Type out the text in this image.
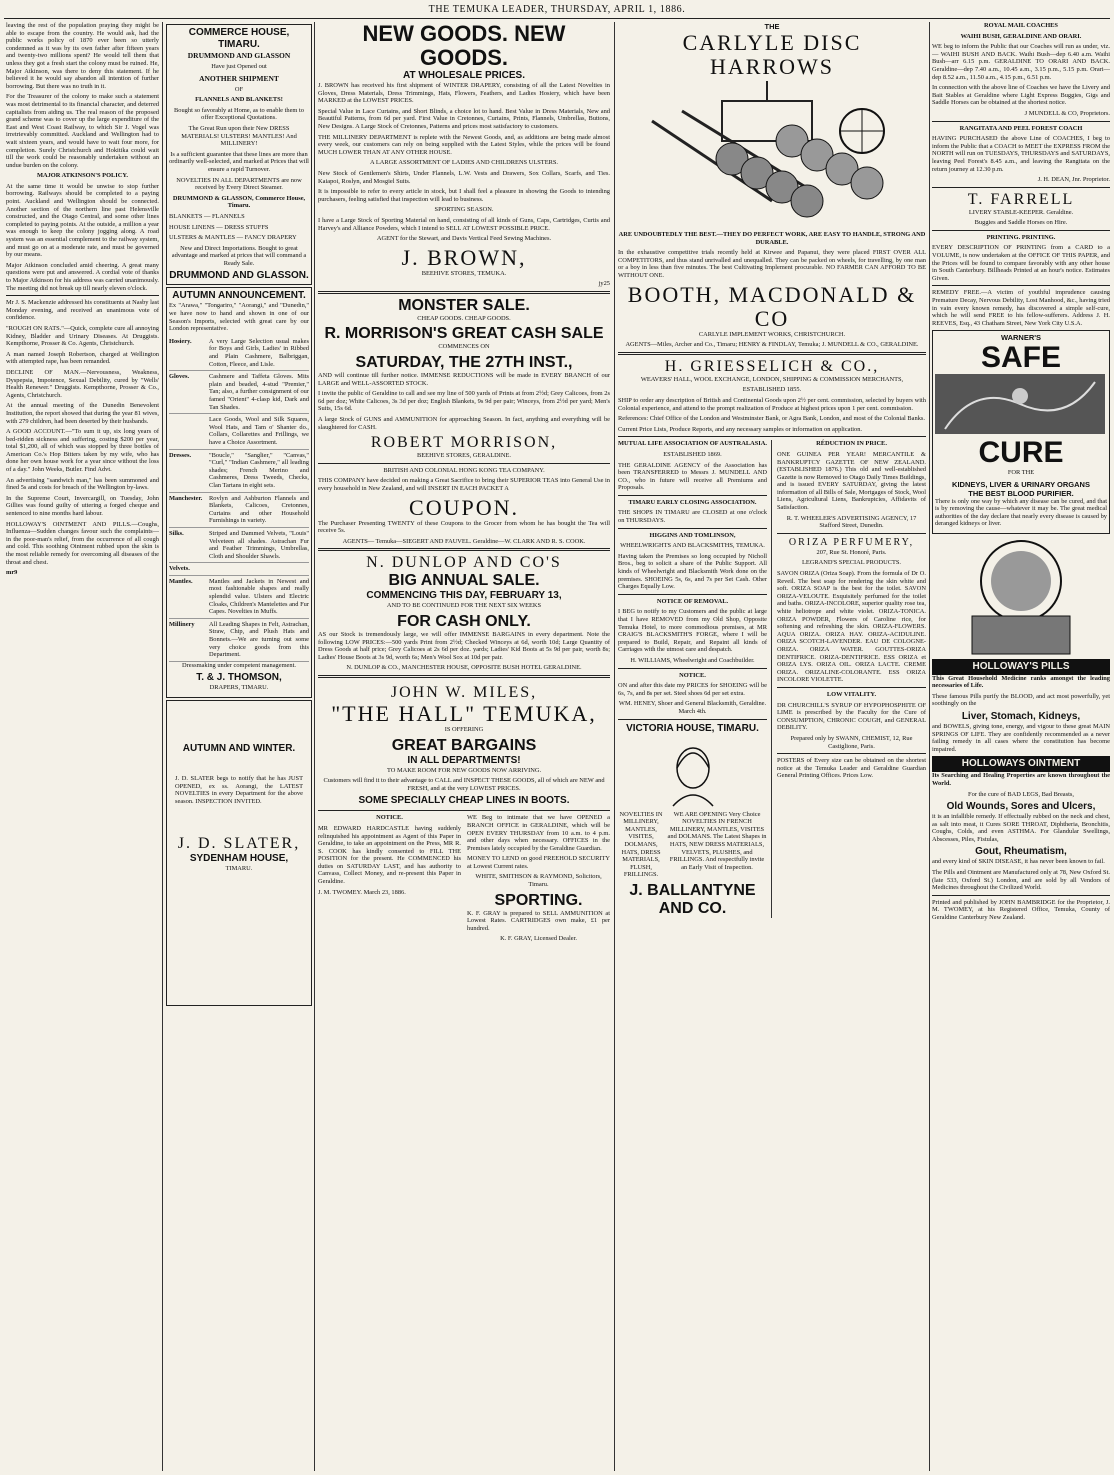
THE TEMUKA LEADER, THURSDAY, APRIL 1, 1886.

leaving the rest of the population praying they might be able to escape from the country. He would ask, had the public works policy of 1870 ever been so utterly condemned as it was by its own father after fifteen years and twenty-two millions spent? He would tell them that unless they got a fresh start the colony must be ruined. He, Major Atkinson, was there to deny this statement. If he believed it he would say abandon all intention of further borrowing. But there was no truth in it.

For the Treasurer of the colony to make such a statement was most detrimental to its financial character, and deterred capitalists from aiding us. The real reason of the proposed grand scheme was to cover up the large expenditure of the East and West Coast Railway, to which Sir J. Vogel was irretrievably committed. Auckland and Wellington had to wait sixteen years, and would have to wait four more, for completion. Surely Christchurch and Hokitika could wait till the work could be reasonably undertaken without an undue burden on the colony.

MAJOR ATKINSON'S POLICY.

At the same time it would be unwise to stop further borrowing. Railways should be completed to a paying point. Auckland and Wellington should be connected. Another section of the northern line past Helensville constructed, and the Otago Central, and some other lines completed to paying points. At the outside, a million a year was enough to keep the colony jogging along. A road system was an essential complement to the railway system, and must go on at a moderate rate, and must be governed by our means.

Major Atkinson concluded amid cheering. A great many questions were put and answered. A cordial vote of thanks to Major Atkinson for his address was carried unanimously. The meeting did not break up till nearly eleven o'clock.

Mr J. S. Mackenzie addressed his constituents at Nasby last Monday evening, and received an unanimous vote of confidence.

"ROUGH ON RATS."—Quick, complete cure all annoying Kidney, Bladder and Urinary Diseases. At Druggists. Kempthorne, Prosser & Co. Agents, Christchurch.

A man named Joseph Robertson, charged at Wellington with attempted rape, has been remanded.

DECLINE OF MAN.—Nervousness, Weakness, Dyspepsia, Impotence, Sexual Debility, cured by "Wells' Health Renewer." Druggists. Kempthorne, Prosser & Co., Agents, Christchurch.

At the annual meeting of the Dunedin Benevolent Institution, the report showed that during the year 81 wives, with 279 children, had been deserted by their husbands.

A GOOD ACCOUNT.—"To sum it up, six long years of bed-ridden sickness and suffering, costing $200 per year, total $1,200, all of which was stopped by three bottles of American Co.'s Hop Bitters taken by my wife, who has done her own house work for a year since without the loss of a day." John Weeks, Butler. Find Advt.

An advertising "sandwich man," has been summoned and fined 5s and costs for breach of the Wellington by-laws.

In the Supreme Court, Invercargill, on Tuesday, John Gillies was found guilty of uttering a forged cheque and sentenced to nine months hard labour.

HOLLOWAY'S OINTMENT AND PILLS.—Coughs, Influenza—Sudden changes favour such the complaints—in the poor-man's relief, from the occurrence of all cough and cold. This soothing Ointment rubbed upon the skin is the most reliable remedy for overcoming all diseases of the throat and chest.

mr9

COMMERCE HOUSE, TIMARU.

DRUMMOND AND GLASSON

Have just Opened out

ANOTHER SHIPMENT

OF

FLANNELS AND BLANKETS!

Bought so favorably at Home, as to enable them to offer Exceptional Quotations.

The Great Run upon their New DRESS MATERIALS! ULSTERS! MANTLES! And MILLINERY!

Is a sufficient guarantee that these lines are more than ordinarily well-selected, and marked at Prices that will ensure a rapid Turnover.

NOVELTIES IN ALL DEPARTMENTS are now received by Every Direct Steamer.

DRUMMOND & GLASSON, Commerce House, Timaru.

BLANKETS — FLANNELS

HOUSE LINENS — DRESS STUFFS

ULSTERS & MANTLES — FANCY DRAPERY

New and Direct Importations. Bought to great advantage and marked at prices that will command a Ready Sale.

DRUMMOND AND GLASSON.
AUTUMN ANNOUNCEMENT.

Ex "Arawa," "Tongariro," "Aorangi," and "Dunedin," we have now to hand and shown in one of our Season's Imports, selected with great care by our London representative.

Hosiery.	A very Large Selection usual makes for Boys and Girls, Ladies' in Ribbed and Plain Cashmere, Balbriggan, Cotton, Fleece, and Lisle.
Gloves.	Cashmere and Taffeta Gloves. Mits plain and beaded, 4-stud "Premier," Tan; also, a further consignment of our famed "Orient" 4-clasp kid, Dark and Tan Shades.
Lace Goods, Wool and Silk Squares, Wool Hats, and Tam o' Shanter do., Collars, Collarettes and Frillings, we have a Choice Assortment.
Dresses.	"Boucle," "Sanglier," "Canvas," "Curl," "Indian Cashmere," all leading shades; French Merino and Cashmeres, Dress Tweeds, Checks, Clan Tartans in eight sets.
Manchester.	Rovlyn and Ashburton Flannels and Blankets, Calicoes, Cretonnes, Curtains and other Household Furnishings in variety.
Silks.	Striped and Dammed Velvets, "Louis" Velveteen all shades. Astrachan Fur and Feather Trimmings, Umbrellas, Cloth and Shoulder Shawls.
Velvets.
Mantles.	Mantles and Jackets in Newest and most fashionable shapes and really splendid value. Ulsters and Electric Cloaks, Children's Mantelettes and Fur Capes. Novelties in Muffs.
Millinery	All Leading Shapes in Felt, Astrachan, Straw, Chip, and Plush Hats and Bonnets.—We are turning out some very choice goods from this Department.

Dressmaking under competent management.

T. & J. THOMSON,

DRAPERS, TIMARU.

AUTUMN AND WINTER.

J. D. SLATER begs to notify that he has JUST OPENED, ex ss. Aorangi, the LATEST NOVELTIES in every Department for the above season. INSPECTION INVITED.

J. D. SLATER,
SYDENHAM HOUSE,

TIMARU.

NEW GOODS. NEW GOODS.
AT WHOLESALE PRICES.

J. BROWN has received his first shipment of WINTER DRAPERY, consisting of all the Latest Novelties in Gloves, Dress Materials, Dress Trimmings, Hats, Flowers, Feathers, and Ladies Hosiery, which have been MARKED at the LOWEST PRICES.

Special Value in Lace Curtains, and Short Blinds, a choice lot to hand. Best Value in Dress Materials, New and Beautiful Patterns, from 6d per yard. First Value in Cretonnes, Curtains, Prints, Flannels, Umbrellas, Buttons, New Designs. A Large Stock of Cretonnes, Patterns and prices most satisfactory to customers.

THE MILLINERY DEPARTMENT is replete with the Newest Goods, and, as additions are being made almost every week, our customers can rely on being supplied with the Latest Styles, while the prices will be found MUCH LOWER THAN AT ANY OTHER HOUSE.

A LARGE ASSORTMENT OF LADIES AND CHILDRENS ULSTERS.

New Stock of Gentlemen's Shirts, Under Flannels, L.W. Vests and Drawers, Sox Collars, Scarfs, and Ties. Kaiapoi, Roslyn, and Mosgiel Suits.

It is impossible to refer to every article in stock, but I shall feel a pleasure in showing the Goods to intending purchasers, feeling satisfied that inspection will lead to business.

SPORTING SEASON.

I have a Large Stock of Sporting Material on hand, consisting of all kinds of Guns, Caps, Cartridges, Curtis and Harvey's and Alliance Powders, which I intend to SELL AT LOWEST POSSIBLE PRICE.

AGENT for the Stewart, and Davis Vertical Feed Sewing Machines.

J. BROWN,

BEEHIVE STORES, TEMUKA.

jy25

MONSTER SALE.

CHEAP GOODS. CHEAP GOODS.

R. MORRISON'S GREAT CASH SALE

COMMENCES ON

SATURDAY, THE 27TH INST.,

AND will continue till further notice. IMMENSE REDUCTIONS will be made in EVERY BRANCH of our LARGE and WELL-ASSORTED STOCK.

I invite the public of Geraldine to call and see my line of 500 yards of Prints at from 2½d; Grey Calicoes, from 2s 6d per doz; White Calicoes, 3s 3d per doz; English Blankets, 9s 9d per pair; Winceys, from 2½d per yard; Men's Suits, 15s 6d.

A large Stock of GUNS and AMMUNITION for approaching Season. In fact, anything and everything will be slaughtered for CASH.

ROBERT MORRISON,

BEEHIVE STORES, GERALDINE.

BRITISH AND COLONIAL HONG KONG TEA COMPANY.

THIS COMPANY have decided on making a Great Sacrifice to bring their SUPERIOR TEAS into General Use in every household in New Zealand, and will INSERT IN EACH PACKET A

COUPON.

The Purchaser Presenting TWENTY of these Coupons to the Grocer from whom he has bought the Tea will receive 5s.

AGENTS— Temuka—SIEGERT AND FAUVEL. Geraldine—W. CLARK AND R. S. COOK.

N. DUNLOP AND CO'S
BIG ANNUAL SALE.
COMMENCING THIS DAY, FEBRUARY 13,

AND TO BE CONTINUED FOR THE NEXT SIX WEEKS

FOR CASH ONLY.

AS our Stock is tremendously large, we will offer IMMENSE BARGAINS in every department. Note the following LOW PRICES:—500 yards Print from 2½d; Checked Winceys at 6d, worth 10d; Large Quantity of Dress Goods at half price; Grey Calicoes at 2s 6d per doz. yards; Ladies' Kid Boots at 5s 9d per pair, worth 8s; Ladies' House Boots at 3s 9d, worth 6s; Men's Wool Sox at 10d per pair.

N. DUNLOP & CO., MANCHESTER HOUSE, OPPOSITE BUSH HOTEL GERALDINE.

JOHN W. MILES,
"THE HALL" TEMUKA,

IS OFFERING

GREAT BARGAINS
IN ALL DEPARTMENTS!

TO MAKE ROOM FOR NEW GOODS NOW ARRIVING.

Customers will find it to their advantage to CALL and INSPECT THESE GOODS, all of which are NEW and FRESH, and at the very LOWEST PRICES.

SOME SPECIALLY CHEAP LINES IN BOOTS.

NOTICE.

MR EDWARD HARDCASTLE having suddenly relinquished his appointment as Agent of this Paper in Geraldine, to take an appointment on the Press, MR R. S. COOK has kindly consented to FILL THE POSITION for the present. He COMMENCED his duties on SATURDAY LAST, and has authority to Canvass, Collect Money, and re-present this Paper in Geraldine.

J. M. TWOMEY. March 23, 1886.

WE Beg to intimate that we have OPENED a BRANCH OFFICE in GERALDINE, which will be OPEN EVERY THURSDAY from 10 a.m. to 4 p.m. and other days when necessary. OFFICES in the Premises lately occupied by the Geraldine Guardian.

MONEY TO LEND on good FREEHOLD SECURITY at Lowest Current rates.

WHITE, SMITHSON & RAYMOND, Solicitors, Timaru.

SPORTING.

K. F. GRAY is prepared to SELL AMMUNITION at Lowest Rates. CARTRIDGES own make, £1 per hundred.

K. F. GRAY, Licensed Dealer.

THE
CARLYLE DISC HARROWS

ARE UNDOUBTEDLY THE BEST.—THEY DO PERFECT WORK, ARE EASY TO HANDLE, STRONG AND DURABLE.

In the exhaustive competitive trials recently held at Kirwee and Papanui, they were placed FIRST OVER ALL COMPETITORS, and thus stand unrivalled and unequalled. They can be packed on wheels, for travelling, by one man or a boy in less than five minutes. The best Cultivating Implement procurable. NO FARMER CAN AFFORD TO BE WITHOUT ONE.

BOOTH, MACDONALD & CO

CARLYLE IMPLEMENT WORKS, CHRISTCHURCH.

AGENTS—Miles, Archer and Co., Timaru; HENRY & FINDLAY, Temuka; J. MUNDELL & CO., GERALDINE.

H. GRIESSELICH & CO.,

WEAVERS' HALL, WOOL EXCHANGE, LONDON, SHIPPING & COMMISSION MERCHANTS,

ESTABLISHED 1855.

SHIP to order any description of British and Continental Goods upon 2½ per cent. commission, selected by buyers with Colonial experience, and attend to the prompt realization of Produce at highest prices upon 1 per cent. commission.

References: Chief Office of the London and Westminster Bank, or Agra Bank, London, and most of the Colonial Banks.

Current Price Lists, Produce Reports, and any necessary samples or information on application.

MUTUAL LIFE ASSOCIATION OF AUSTRALASIA.

ESTABLISHED 1869.

THE GERALDINE AGENCY of the Association has been TRANSFERRED to Messrs J. MUNDELL AND CO., who in future will receive all Premiums and Proposals.

TIMARU EARLY CLOSING ASSOCIATION.

THE SHOPS IN TIMARU are CLOSED at one o'clock on THURSDAYS.

HIGGINS AND TOMLINSON,

WHEELWRIGHTS AND BLACKSMITHS, TEMUKA.

Having taken the Premises so long occupied by Nicholl Bros., beg to solicit a share of the Public Support. All kinds of Wheelwright and Blacksmith Work done on the premises. SHOEING 5s, 6s, and 7s per Set Cash. Other Charges Equally Low.

NOTICE OF REMOVAL.

I BEG to notify to my Customers and the public at large that I have REMOVED from my Old Shop, Opposite Temuka Hotel, to more commodious premises, at MR CRAIG'S BLACKSMITH'S FORGE, where I will be prepared to Build, Repair, and Repaint all kinds of Carriages with the utmost care and despatch.

H. WILLIAMS, Wheelwright and Coachbuilder.

NOTICE.

ON and after this date my PRICES for SHOEING will be 6s, 7s, and 8s per set. Steel shoes 6d per set extra.

WM. HENEY, Shoer and General Blacksmith, Geraldine. March 4th.

VICTORIA HOUSE, TIMARU.

NOVELTIES IN MILLINERY, MANTLES, VISITES, DOLMANS, HATS, DRESS MATERIALS, FLUSH, FRILLINGS.

WE ARE OPENING Very Choice NOVELTIES IN FRENCH MILLINERY, MANTLES, VISITES and DOLMANS. The Latest Shapes in HATS, NEW DRESS MATERIALS, VELVETS, PLUSHES, and FRILLINGS. And respectfully invite an Early Visit of Inspection.

J. BALLANTYNE AND CO.

RÉDUCTION IN PRICE.

ONE GUINEA PER YEAR! MERCANTILE & BANKRUPTCY GAZETTE OF NEW ZEALAND. (ESTABLISHED 1876.) This old and well-established Gazette is now Removed to Otago Daily Times Buildings, and is issued EVERY SATURDAY, giving the latest information of all Bills of Sale, Mortgages of Stock, Wool Liens, Agricultural Liens, Bankruptcies, Affidavits of Satisfaction.

R. T. WHEELER'S ADVERTISING AGENCY, 17 Stafford Street, Dunedin.

ORIZA PERFUMERY,

207, Rue St. Honoré, Paris.

LEGRAND'S SPECIAL PRODUCTS.

SAVON ORIZA (Oriza Soap). From the formula of Dr O. Reveil. The best soap for rendering the skin white and soft. ORIZA SOAP is the best for the toilet. SAVON ORIZA-VELOUTE. Exquisitely perfumed for the toilet and baths. ORIZA-INCOLORE, superior quality rose tea, white heliotrope and white violet. ORIZA-TONICA. ORIZA POWDER, Flowers of Caroline rice, for softening and refreshing the skin. ORIZA-FLOWERS. AQUA ORIZA. ORIZA HAY. ORIZA-ACIDULINE. ORIZA SCOTCH-LAVENDER. EAU DE COLOGNE-ORIZA. ORIZA WATER. GOUTTES-ORIZA DENTIFRICE. ORIZA-DENTIFRICE. ESS ORIZA et ORIZA LYS. ORIZA OIL. ORIZA LACTE. CREME ORIZA. ORIZALINE-COLORANTE. ESS ORIZA INCOLORE VIOLETTE.

LOW VITALITY.

DR CHURCHILL'S SYRUP OF HYPOPHOSPHITE OF LIME is prescribed by the Faculty for the Cure of CONSUMPTION, CHRONIC COUGH, and GENERAL DEBILITY.

Prepared only by SWANN, CHEMIST, 12, Rue Castiglione, Paris.

POSTERS of Every size can be obtained on the shortest notice at the Temuka Leader and Geraldine Guardian General Printing Offices. Prices Low.

ROYAL MAIL COACHES

WAIHI BUSH, GERALDINE AND ORARI.

WE beg to inform the Public that our Coaches will run as under, viz.— WAIHI BUSH AND BACK. Waihi Bush—dep 6.40 a.m. Waihi Bush—arr 6.15 p.m. GERALDINE TO ORARI AND BACK. Geraldine—dep 7.40 a.m., 10.45 a.m., 3.15 p.m., 5.15 p.m. Orari—dep 8.52 a.m., 11.50 a.m., 4.15 p.m., 6.51 p.m.

In connection with the above line of Coaches we have the Livery and Bait Stables at Geraldine where Light Express Buggies, Gigs and Saddle Horses can be obtained at the shortest notice.

J MUNDELL & CO, Proprietors.

RANGITATA AND PEEL FOREST COACH

HAVING PURCHASED the above Line of COACHES, I beg to inform the Public that a COACH to MEET the EXPRESS FROM the NORTH will run on TUESDAYS, THURSDAYS and SATURDAYS, leaving Peel Forest's 8.45 a.m., and leaving the Rangitata on the return journey at 12.30 p.m.

J. H. DEAN, Jnr. Proprietor.

T. FARRELL

LIVERY STABLE-KEEPER. Geraldine.

Buggies and Saddle Horses on Hire.

PRINTING. PRINTING.

EVERY DESCRIPTION OF PRINTING from a CARD to a VOLUME, is now undertaken at the OFFICE OF THIS PAPER, and the Prices will be found to compare favorably with any other house in South Canterbury. Billheads Printed at an hour's notice. Estimates Given.

REMEDY FREE.—A victim of youthful imprudence causing Premature Decay, Nervous Debility, Lost Manhood, &c., having tried in vain every known remedy, has discovered a simple self-cure, which he will send FREE to his fellow-sufferers. Address J. H. REEVES, Esq., 43 Chatham Street, New York City U.S.A.

WARNER'S
SAFE
CURE

FOR THE

KIDNEYS, LIVER & URINARY ORGANS
THE BEST BLOOD PURIFIER.

There is only one way by which any disease can be cured, and that is by removing the cause—whatever it may be. The great medical authorities of the day declare that nearly every disease is caused by deranged kidneys or liver.

HOLLOWAY'S PILLS

This Great Household Medicine ranks amongst the leading necessaries of Life.

These famous Pills purify the BLOOD, and act most powerfully, yet soothingly on the

Liver, Stomach, Kidneys,

and BOWELS, giving tone, energy, and vigour to these great MAIN SPRINGS OF LIFE. They are confidently recommended as a never failing remedy in all cases where the constitution has become impaired.

HOLLOWAYS OINTMENT

Its Searching and Healing Properties are known throughout the World.

For the cure of BAD LEGS, Bad Breasts,

Old Wounds, Sores and Ulcers,

it is an infallible remedy. If effectually rubbed on the neck and chest, as salt into meat, it Cures SORE THROAT, Diphtheria, Bronchitis, Coughs, Colds, and even ASTHMA. For Glandular Swellings, Abscesses, Piles, Fistulas,

Gout, Rheumatism,

and every kind of SKIN DISEASE, it has never been known to fail.

The Pills and Ointment are Manufactured only at 78, New Oxford St. (late 533, Oxford St.) London, and are sold by all Vendors of Medicines throughout the Civilized World.

Printed and published by JOHN BAMBRIDGE for the Proprietor, J. M. TWOMEY, at his Registered Office, Temuka, County of Geraldine Canterbury New Zealand.
